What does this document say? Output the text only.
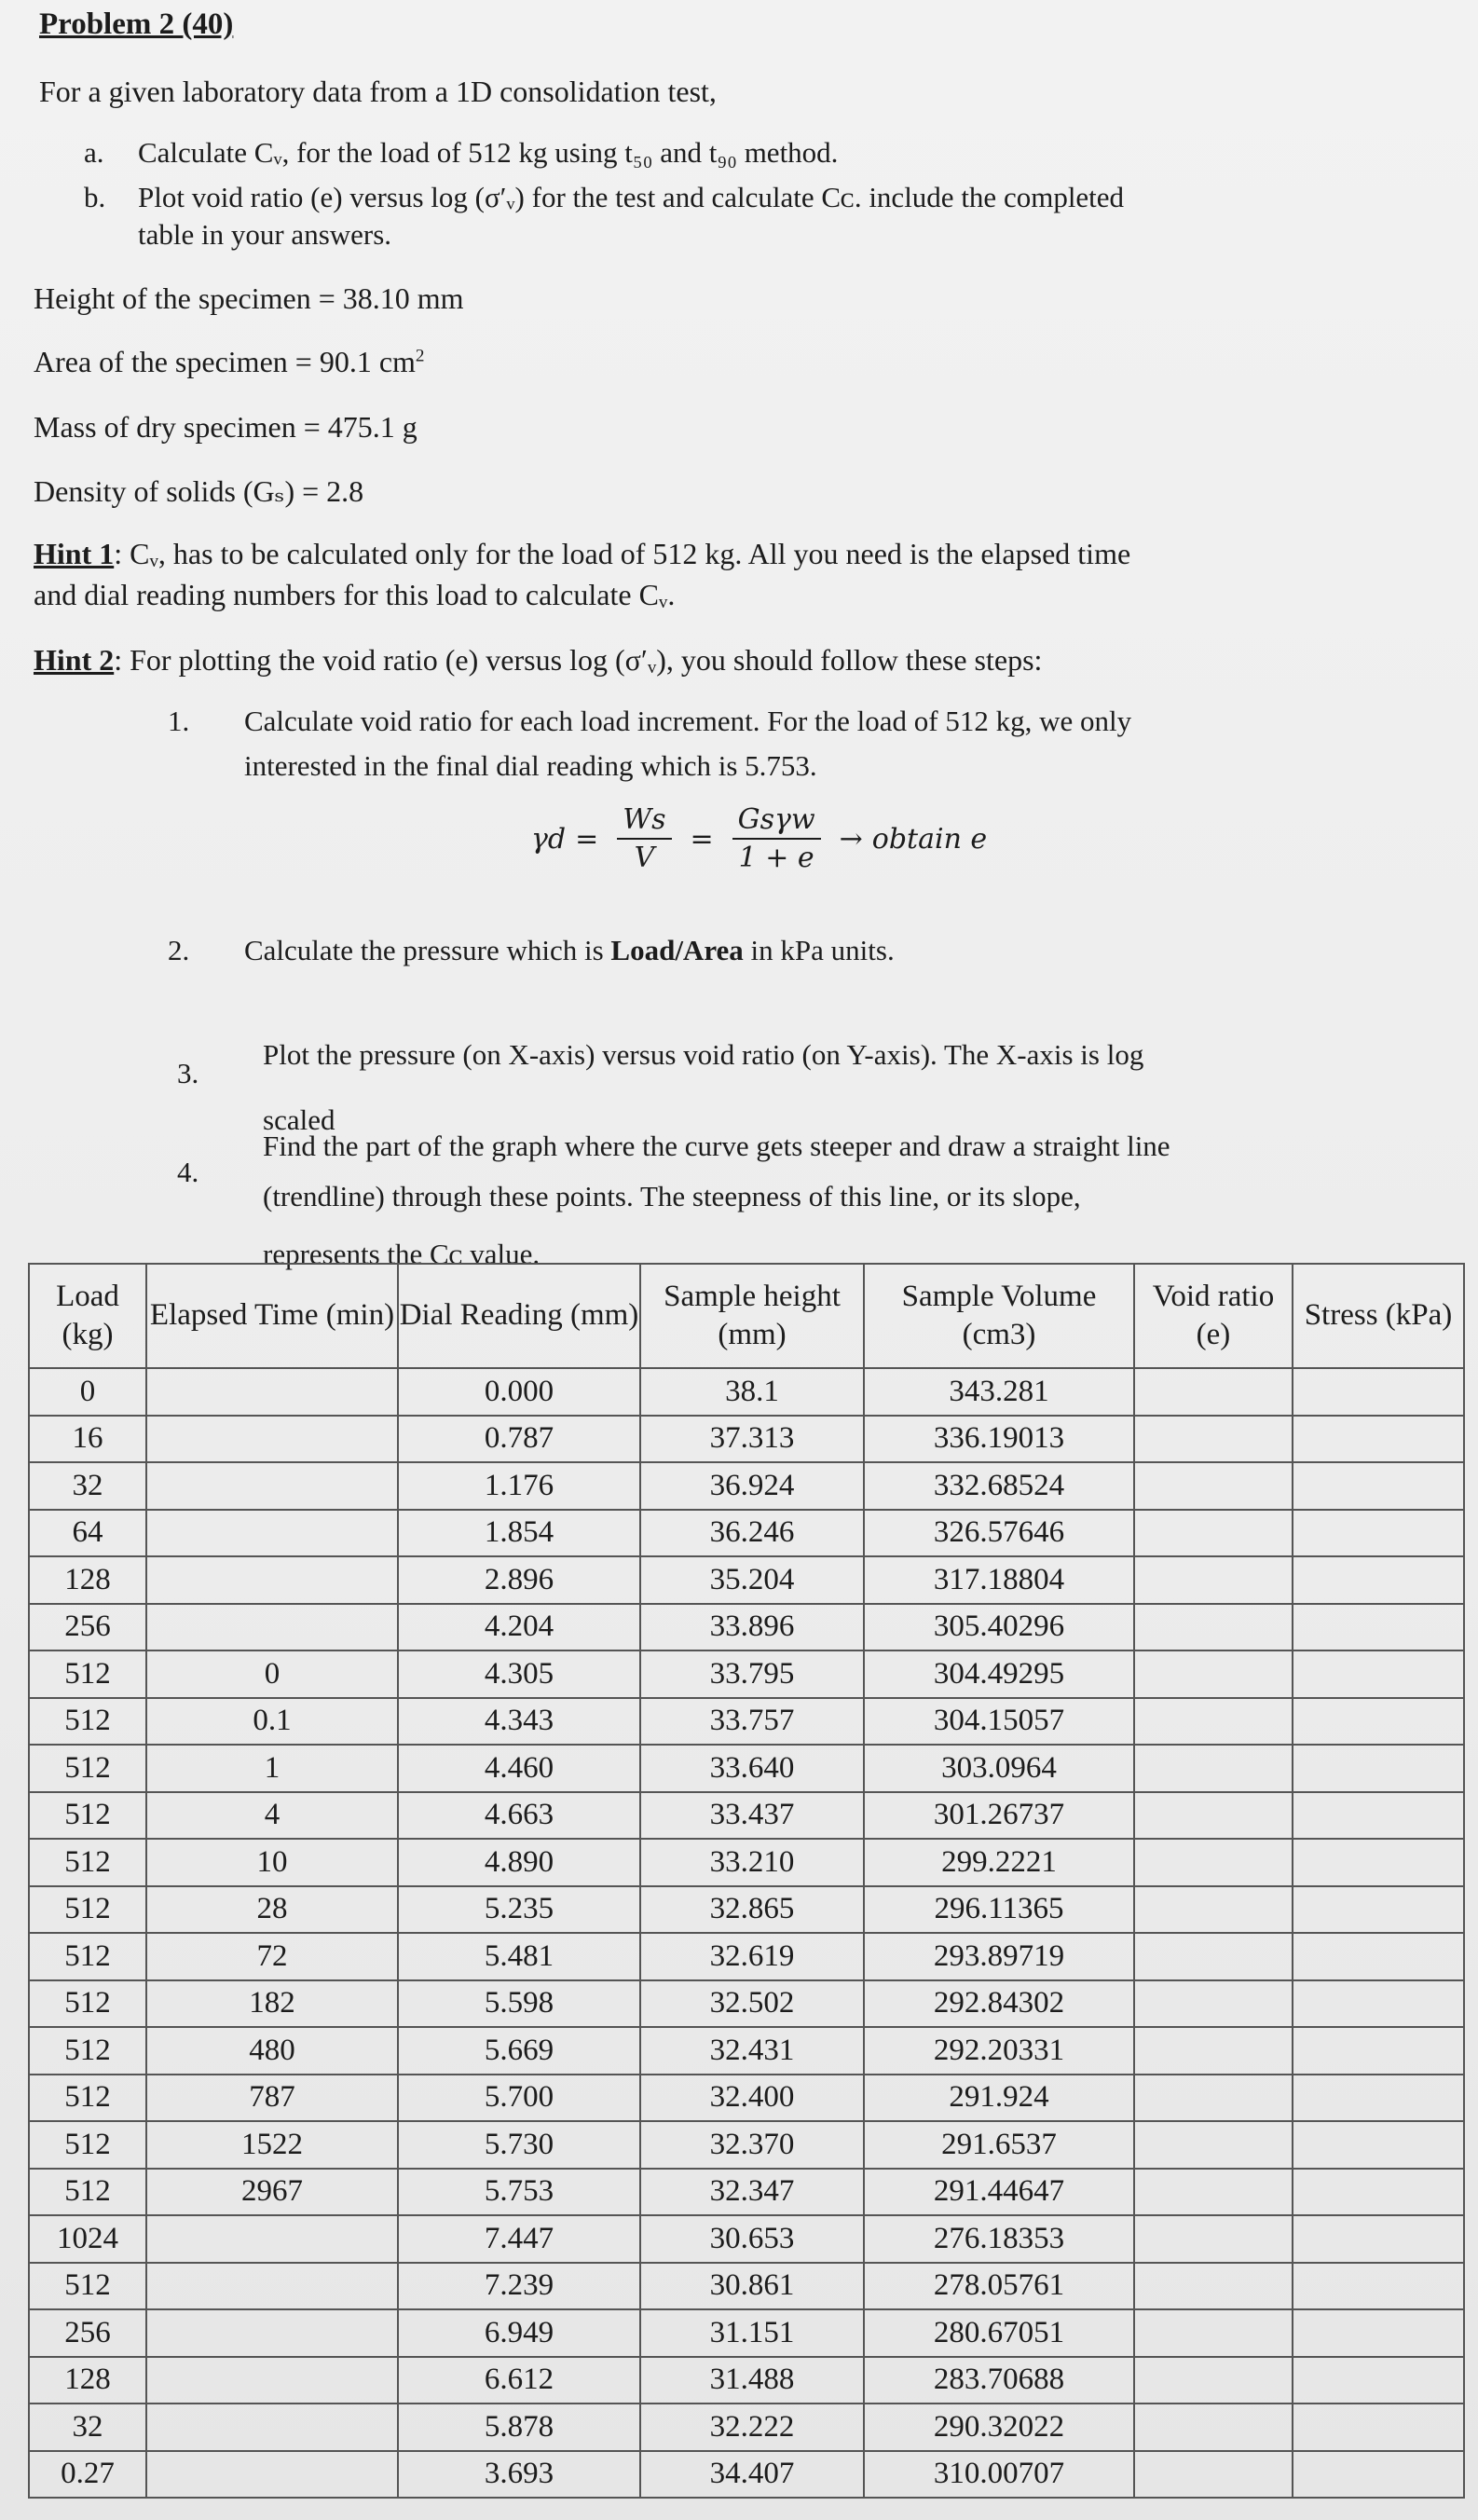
Problem 2 (40)
For a given laboratory data from a 1D consolidation test,
a. Calculate Cᵥ, for the load of 512 kg using t₅₀ and t₉₀ method.
b. Plot void ratio (e) versus log (σ′ᵥ) for the test and calculate Cᴄ. include the completed
table in your answers.
Height of the specimen = 38.10 mm
Area of the specimen = 90.1 $cm^2$
Mass of dry specimen = 475.1 g
Density of solids (Gₛ) = 2.8
Hint 1: Cᵥ, has to be calculated only for the load of 512 kg. All you need is the elapsed time
and dial reading numbers for this load to calculate Cᵥ.
Hint 2: For plotting the void ratio (e) versus log (σ′ᵥ), you should follow these steps:
1. Calculate void ratio for each load increment. For the load of 512 kg, we only
interested in the final dial reading which is 5.753.
$\gamma d = \frac{Ws}{V} = \frac{\text{Gsγw}}{1 + e}$ → obtain e
2. Calculate the pressure which is Load/Area in kPa units.
3.
Plot the pressure (on X-axis) versus void ratio (on Y-axis). The X-axis is log
scaled
4.
Find the part of the graph where the curve gets steeper and draw a straight line
(trendline) through these points. The steepness of this line, or its slope,
represents the Cᴄ value.
Load (kg)	Elapsed Time (min)	Dial Reading (mm)	Sample height (mm)	Sample Volume (cm3)	Void ratio (e)	Stress (kPa)
0		0.000	38.1	343.281		
16		0.787	37.313	336.19013		
32		1.176	36.924	332.68524		
64		1.854	36.246	326.57646		
128		2.896	35.204	317.18804		
256		4.204	33.896	305.40296		
512	0	4.305	33.795	304.49295		
512	0.1	4.343	33.757	304.15057		
512	1	4.460	33.640	303.0964		
512	4	4.663	33.437	301.26737		
512	10	4.890	33.210	299.2221		
512	28	5.235	32.865	296.11365		
512	72	5.481	32.619	293.89719		
512	182	5.598	32.502	292.84302		
512	480	5.669	32.431	292.20331		
512	787	5.700	32.400	291.924		
512	1522	5.730	32.370	291.6537		
512	2967	5.753	32.347	291.44647		
1024		7.447	30.653	276.18353		
512		7.239	30.861	278.05761		
256		6.949	31.151	280.67051		
128		6.612	31.488	283.70688		
32		5.878	32.222	290.32022		
0.27		3.693	34.407	310.00707		
